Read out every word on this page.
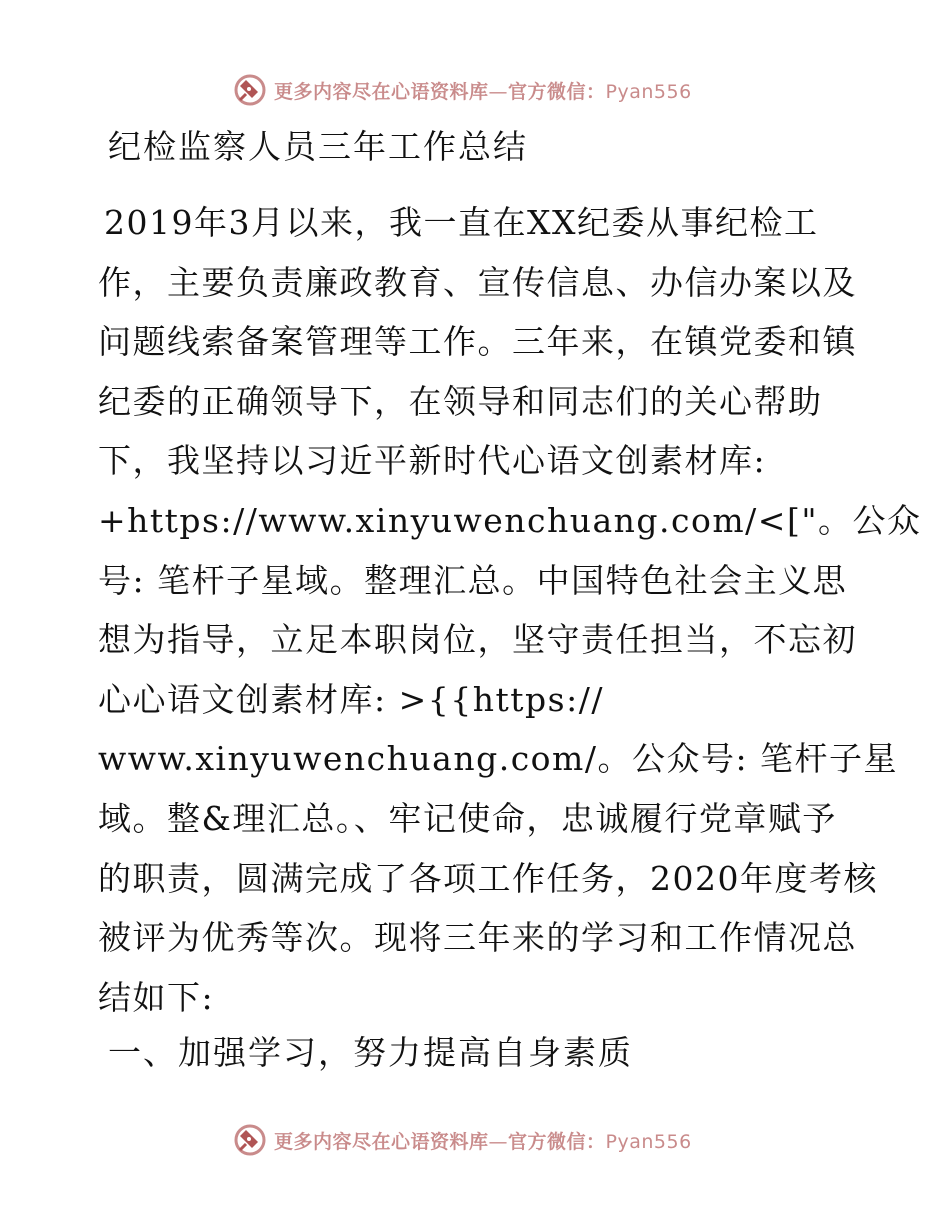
更多内容尽在心语资料库—官方微信：Pyan556
纪检监察人员三年工作总结
2019年3月以来，我一直在XX纪委从事纪检工
作，主要负责廉政教育、宣传信息、办信办案以及
问题线索备案管理等工作。三年来，在镇党委和镇
纪委的正确领导下，在领导和同志们的关心帮助
下，我坚持以习近平新时代心语文创素材库:
+https://www.xinyuwenchuang.com/<["。公众
号: 笔杆子星域。整理汇总。中国特色社会主义思
想为指导，立足本职岗位，坚守责任担当，不忘初
心心语文创素材库: >{{https://
www.xinyuwenchuang.com/。公众号: 笔杆子星
域。整&理汇总。、牢记使命，忠诚履行党章赋予
的职责，圆满完成了各项工作任务，2020年度考核
被评为优秀等次。现将三年来的学习和工作情况总
结如下:
一、加强学习，努力提高自身素质
更多内容尽在心语资料库—官方微信：Pyan556
